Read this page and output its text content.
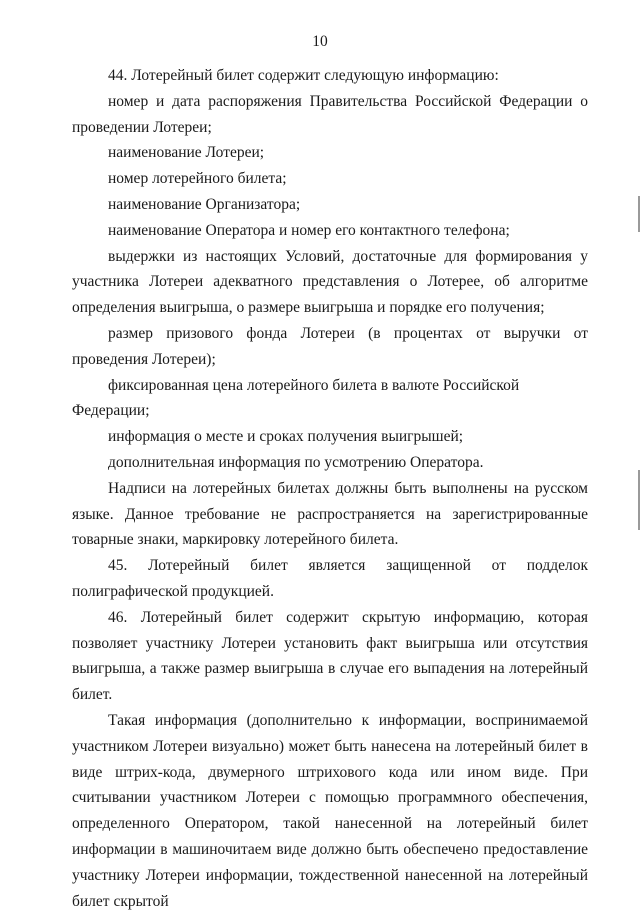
10

44. Лотерейный билет содержит следующую информацию:

номер и дата распоряжения Правительства Российской Федерации о проведении Лотереи;

наименование Лотереи;

номер лотерейного билета;

наименование Организатора;

наименование Оператора и номер его контактного телефона;

выдержки из настоящих Условий, достаточные для формирования у участника Лотереи адекватного представления о Лотерее, об алгоритме определения выигрыша, о размере выигрыша и порядке его получения;

размер призового фонда Лотереи (в процентах от выручки от проведения Лотереи);

фиксированная цена лотерейного билета в валюте Российской Федерации;

информация о месте и сроках получения выигрышей;

дополнительная информация по усмотрению Оператора.

Надписи на лотерейных билетах должны быть выполнены на русском языке. Данное требование не распространяется на зарегистрированные товарные знаки, маркировку лотерейного билета.

45. Лотерейный билет является защищенной от подделок полиграфической продукцией.

46. Лотерейный билет содержит скрытую информацию, которая позволяет участнику Лотереи установить факт выигрыша или отсутствия выигрыша, а также размер выигрыша в случае его выпадения на лотерейный билет.

Такая информация (дополнительно к информации, воспринимаемой участником Лотереи визуально) может быть нанесена на лотерейный билет в виде штрих-кода, двумерного штрихового кода или ином виде. При считывании участником Лотереи с помощью программного обеспечения, определенного Оператором, такой нанесенной на лотерейный билет информации в машиночитаем виде должно быть обеспечено предоставление участнику Лотереи информации, тождественной нанесенной на лотерейный билет скрытой
